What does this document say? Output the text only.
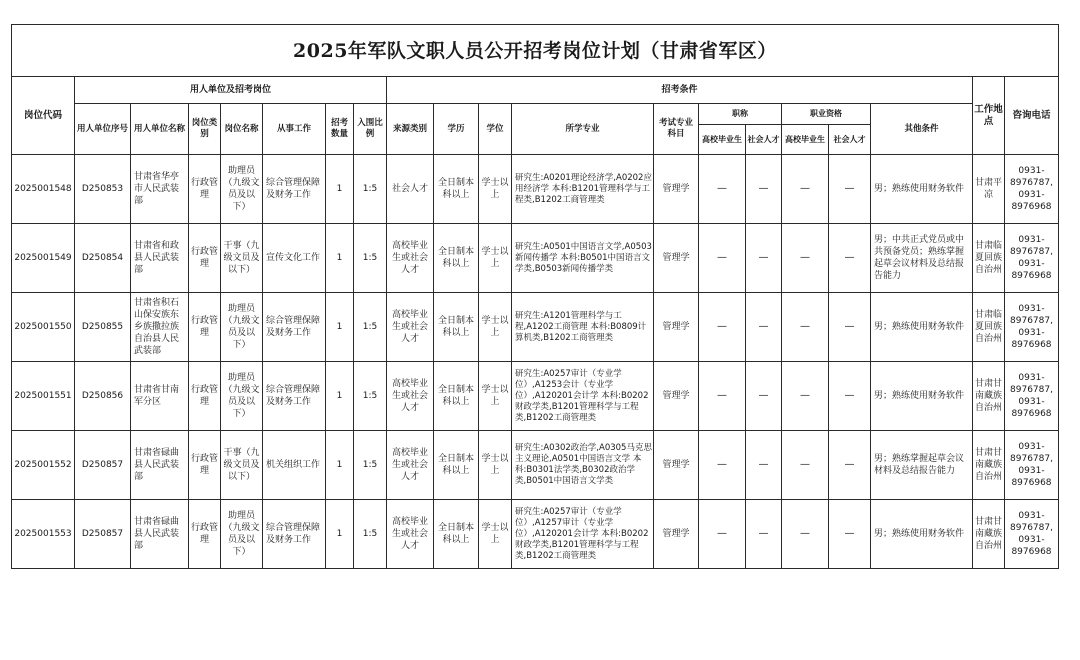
2025年军队文职人员公开招考岗位计划（甘肃省军区）																			
岗位代码	用人单位及招考岗位							招考条件										工作地点	咨询电话
	用人单位序号	用人单位名称	岗位类别	岗位名称	从事工作	招考数量	入围比例	来源类别	学历	学位	所学专业	考试专业科目	职称		职业资格		其他条件		
													高校毕业生	社会人才	高校毕业生	社会人才			
2025001548	D250853	甘肃省华亭市人民武装部	行政管理	助理员（九级文员及以下）	综合管理保障及财务工作	1	1:5	社会人才	全日制本科以上	学士以上	研究生:A0201理论经济学,A0202应用经济学 本科:B1201管理科学与工程类,B1202工商管理类	管理学	—	—	—	—	男；熟练使用财务软件	甘肃平凉	0931-8976787, 0931-8976968
2025001549	D250854	甘肃省和政县人民武装部	行政管理	干事（九级文员及以下）	宣传文化工作	1	1:5	高校毕业生或社会人才	全日制本科以上	学士以上	研究生:A0501中国语言文学,A0503新闻传播学 本科:B0501中国语言文学类,B0503新闻传播学类	管理学	—	—	—	—	男；中共正式党员或中共预备党员；熟练掌握起草会议材料及总结报告能力	甘肃临夏回族自治州	0931-8976787, 0931-8976968
2025001550	D250855	甘肃省积石山保安族东乡族撒拉族自治县人民武装部	行政管理	助理员（九级文员及以下）	综合管理保障及财务工作	1	1:5	高校毕业生或社会人才	全日制本科以上	学士以上	研究生:A1201管理科学与工程,A1202工商管理 本科:B0809计算机类,B1202工商管理类	管理学	—	—	—	—	男；熟练使用财务软件	甘肃临夏回族自治州	0931-8976787, 0931-8976968
2025001551	D250856	甘肃省甘南军分区	行政管理	助理员（九级文员及以下）	综合管理保障及财务工作	1	1:5	高校毕业生或社会人才	全日制本科以上	学士以上	研究生:A0257审计（专业学位）,A1253会计（专业学位）,A120201会计学 本科:B0202财政学类,B1201管理科学与工程类,B1202工商管理类	管理学	—	—	—	—	男；熟练使用财务软件	甘肃甘南藏族自治州	0931-8976787, 0931-8976968
2025001552	D250857	甘肃省碌曲县人民武装部	行政管理	干事（九级文员及以下）	机关组织工作	1	1:5	高校毕业生或社会人才	全日制本科以上	学士以上	研究生:A0302政治学,A0305马克思主义理论,A0501中国语言文学 本科:B0301法学类,B0302政治学类,B0501中国语言文学类	管理学	—	—	—	—	男；熟练掌握起草会议材料及总结报告能力	甘肃甘南藏族自治州	0931-8976787, 0931-8976968
2025001553	D250857	甘肃省碌曲县人民武装部	行政管理	助理员（九级文员及以下）	综合管理保障及财务工作	1	1:5	高校毕业生或社会人才	全日制本科以上	学士以上	研究生:A0257审计（专业学位）,A1257审计（专业学位）,A120201会计学 本科:B0202财政学类,B1201管理科学与工程类,B1202工商管理类	管理学	—	—	—	—	男；熟练使用财务软件	甘肃甘南藏族自治州	0931-8976787, 0931-8976968
